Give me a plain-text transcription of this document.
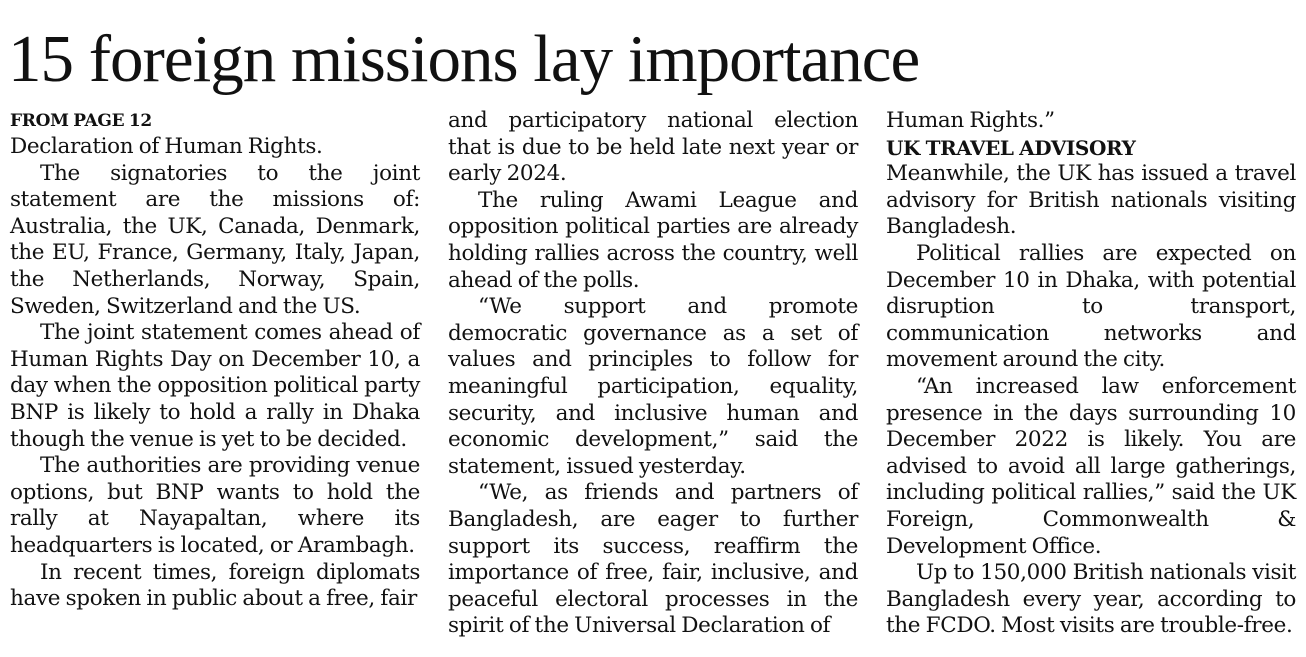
15 foreign missions lay importance
FROM PAGE 12

Declaration of Human Rights.

The signatories to the joint statement are the missions of: Australia, the UK, Canada, Denmark, the EU, France, Germany, Italy, Japan, the Netherlands, Norway, Spain, Sweden, Switzerland and the US.

The joint statement comes ahead of Human Rights Day on December 10, a day when the opposition political party BNP is likely to hold a rally in Dhaka though the venue is yet to be decided.

The authorities are providing venue options, but BNP wants to hold the rally at Nayapaltan, where its headquarters is located, or Arambagh.

In recent times, foreign diplomats have spoken in public about a free, fair

and participatory national election that is due to be held late next year or early 2024.

The ruling Awami League and opposition political parties are already holding rallies across the country, well ahead of the polls.

“We support and promote democratic governance as a set of values and principles to follow for meaningful participation, equality, security, and inclusive human and economic development,” said the statement, issued yesterday.

“We, as friends and partners of Bangladesh, are eager to further support its success, reaffirm the importance of free, fair, inclusive, and peaceful electoral processes in the spirit of the Universal Declaration of

Human Rights.”

UK TRAVEL ADVISORY

Meanwhile, the UK has issued a travel advisory for British nationals visiting Bangladesh.

Political rallies are expected on December 10 in Dhaka, with potential disruption to transport, communication networks and movement around the city.

“An increased law enforcement presence in the days surrounding 10 December 2022 is likely. You are advised to avoid all large gatherings, including political rallies,” said the UK Foreign, Commonwealth & Development Office.

Up to 150,000 British nationals visit Bangladesh every year, according to the FCDO. Most visits are trouble-free.
